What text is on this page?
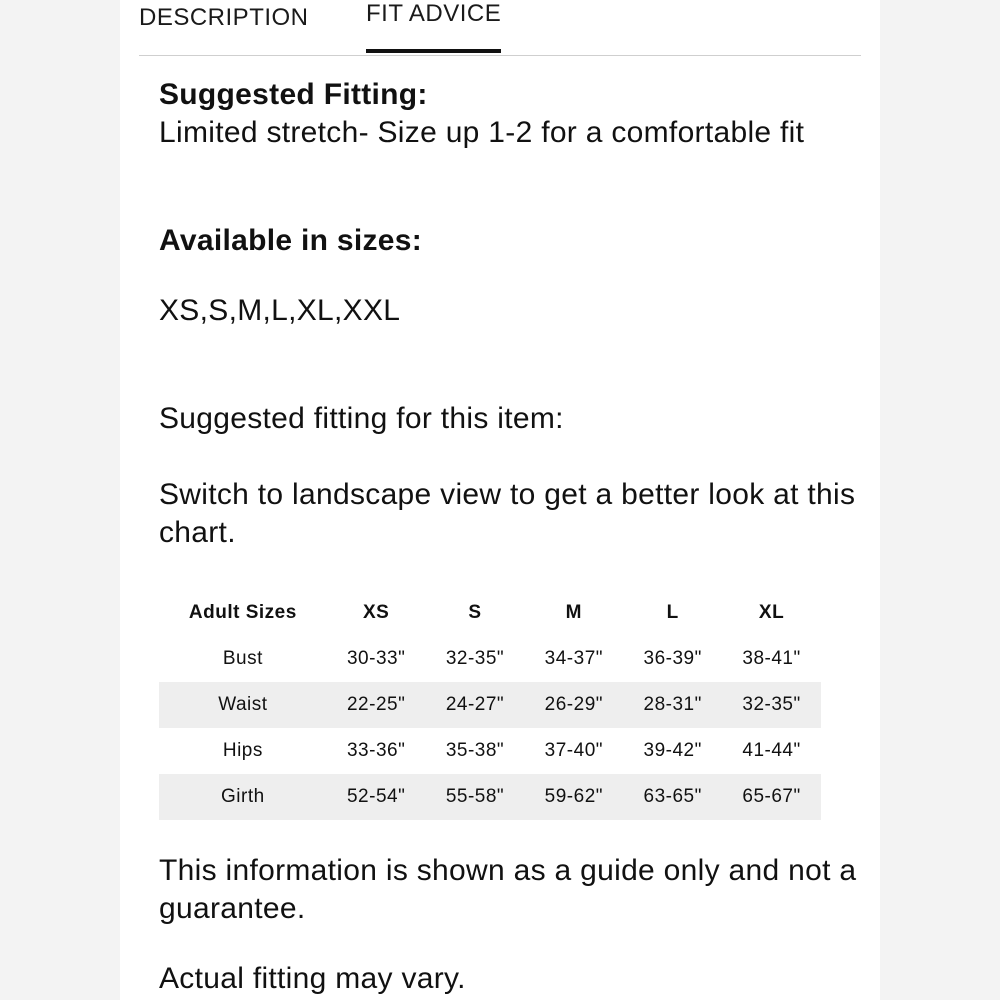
DESCRIPTION FIT ADVICE
Suggested Fitting:
Limited stretch- Size up 1-2 for a comfortable fit
Available in sizes:
XS,S,M,L,XL,XXL
Suggested fitting for this item:
Switch to landscape view to get a better look at this chart.
Adult Sizes	XS	S	M	L	XL
Bust	30-33"	32-35"	34-37"	36-39"	38-41"
Waist	22-25"	24-27"	26-29"	28-31"	32-35"
Hips	33-36"	35-38"	37-40"	39-42"	41-44"
Girth	52-54"	55-58"	59-62"	63-65"	65-67"
This information is shown as a guide only and not a guarantee.
Actual fitting may vary.
